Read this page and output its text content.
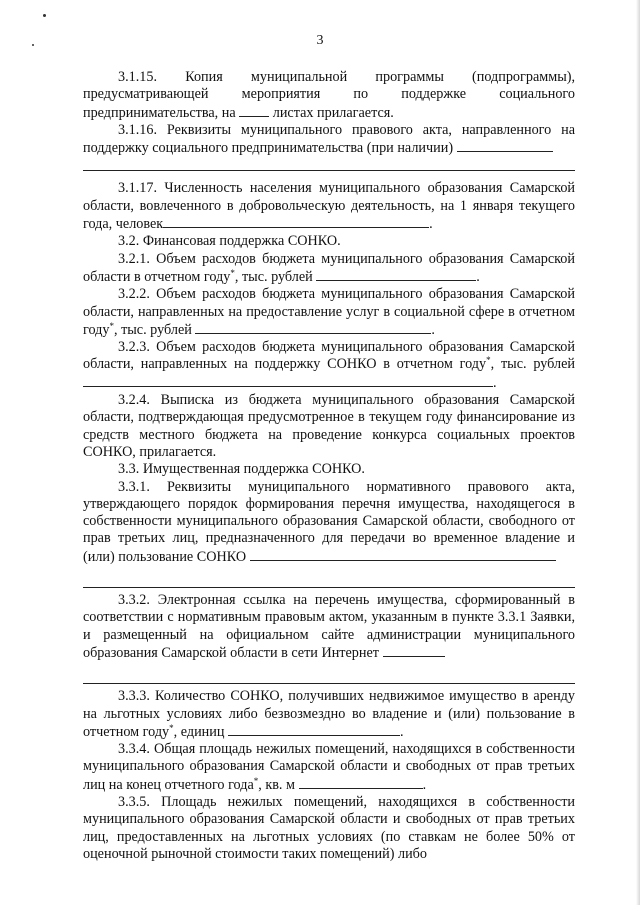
3

3.1.15. Копия муниципальной программы (подпрограммы), предусматривающей мероприятия по поддержке социального предпринимательства, на	листах прилагается.

3.1.16. Реквизиты муниципального правового акта, направленного на поддержку социального предпринимательства (при наличии)

3.1.17. Численность населения муниципального образования Самарской области, вовлеченного в добровольческую деятельность, на 1 января текущего года, человек	.

3.2. Финансовая поддержка СОНКО.

3.2.1. Объем расходов бюджета муниципального образования Самарской области в отчетном году*, тыс. рублей	.

3.2.2. Объем расходов бюджета муниципального образования Самарской области, направленных на предоставление услуг в социальной сфере в отчетном году*, тыс. рублей	.

3.2.3. Объем расходов бюджета муниципального образования Самарской области, направленных на поддержку СОНКО в отчетном году*, тыс. рублей.

3.2.4. Выписка из бюджета муниципального образования Самарской области, подтверждающая предусмотренное в текущем году финансирование из средств местного бюджета на проведение конкурса социальных проектов СОНКО, прилагается.

3.3. Имущественная поддержка СОНКО.

3.3.1. Реквизиты муниципального нормативного правового акта, утверждающего порядок формирования перечня имущества, находящегося в собственности муниципального образования Самарской области, свободного от прав третьих лиц, предназначенного для передачи во временное владение и (или) пользование СОНКО

3.3.2. Электронная ссылка на перечень имущества, сформированный в соответствии с нормативным правовым актом, указанным в пункте 3.3.1 Заявки, и размещенный на официальном сайте администрации муниципального образования Самарской области в сети Интернет

3.3.3. Количество СОНКО, получивших недвижимое имущество в аренду на льготных условиях либо безвозмездно во владение и (или) пользование в отчетном году*, единиц	.

3.3.4. Общая площадь нежилых помещений, находящихся в собственности муниципального образования Самарской области и свободных от прав третьих лиц на конец отчетного года*, кв. м	.

3.3.5. Площадь нежилых помещений, находящихся в собственности муниципального образования Самарской области и свободных от прав третьих лиц, предоставленных на льготных условиях (по ставкам не более 50% от оценочной рыночной стоимости таких помещений) либо
